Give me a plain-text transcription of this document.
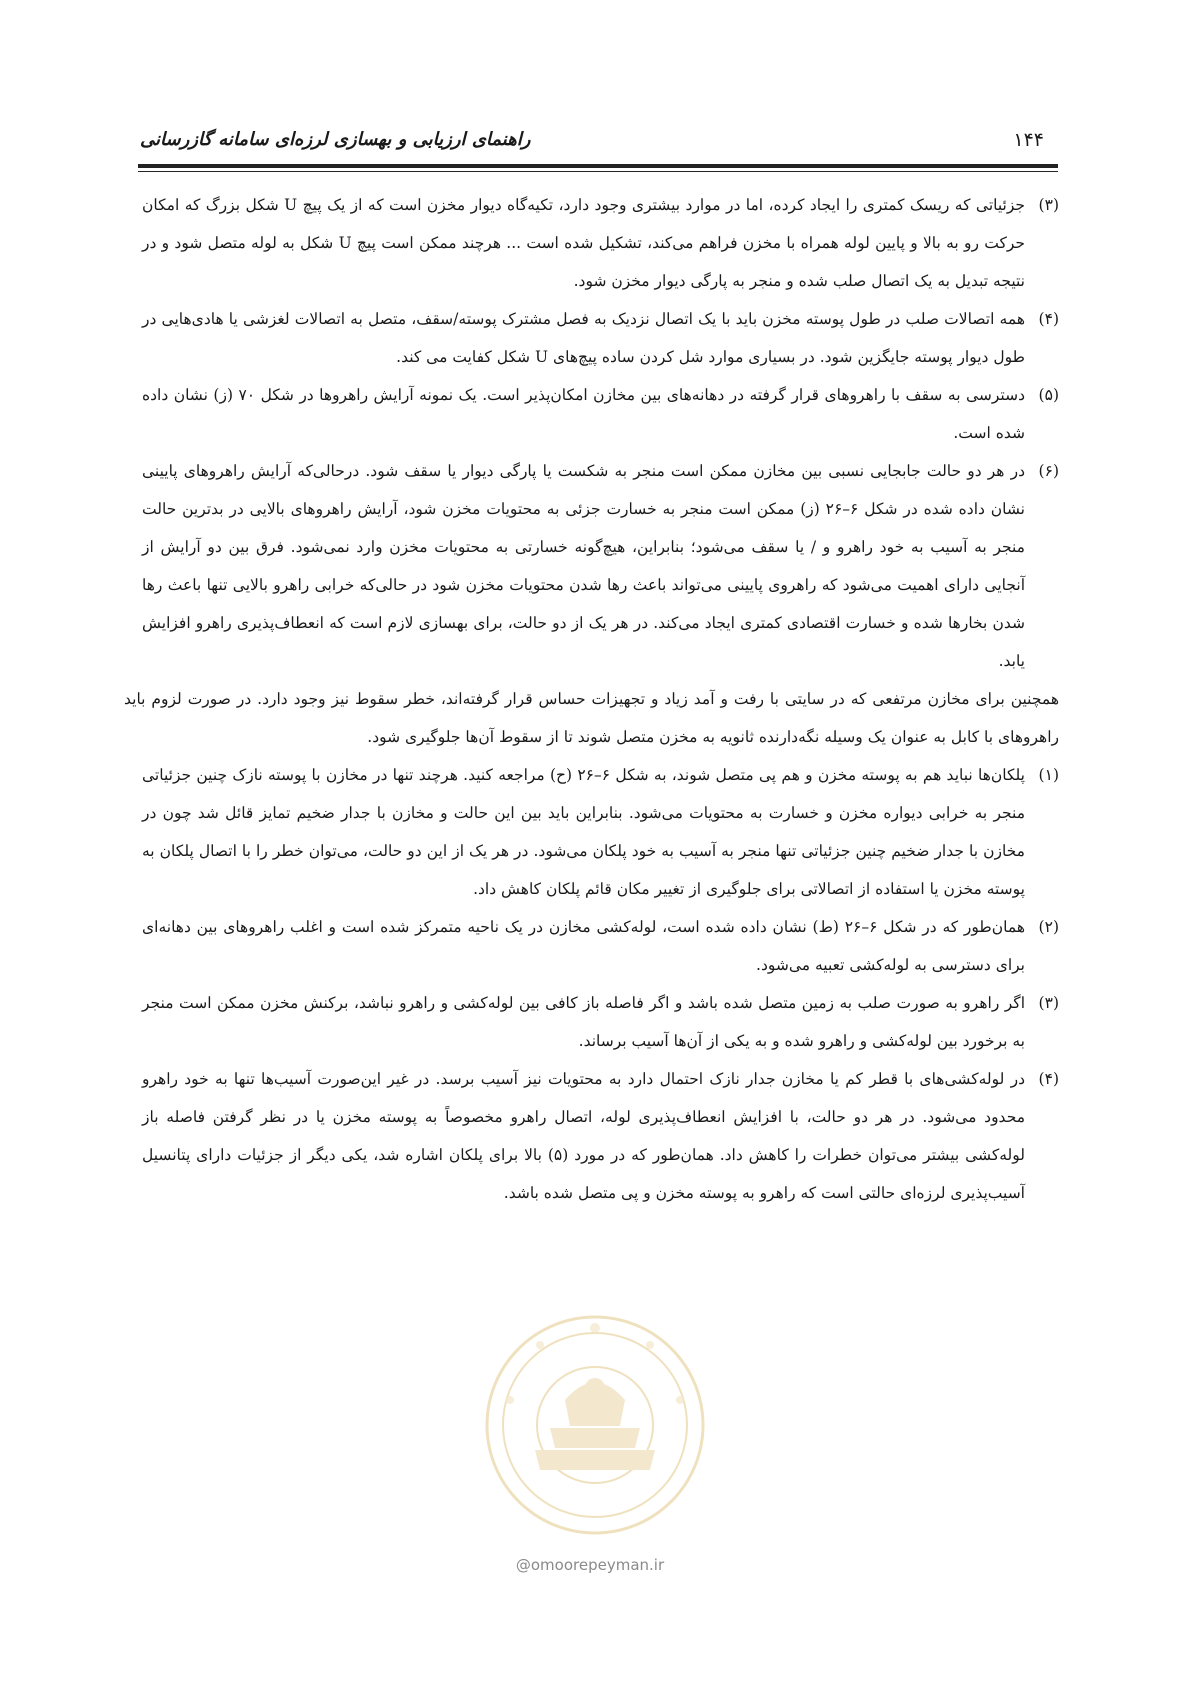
۱۴۴
راهنمای ارزیابی و بهسازی لرزه‌ای سامانه گازرسانی
(۳)
جزئیاتی که ریسک کمتری را ایجاد کرده، اما در موارد بیشتری وجود دارد، تکیه‌گاه دیوار مخزن است که از یک پیچ U شکل بزرگ که امکان حرکت رو به بالا و پایین لوله همراه با مخزن فراهم می‌کند، تشکیل شده است ... هرچند ممکن است پیچ U شکل به لوله متصل شود و در نتیجه تبدیل به یک اتصال صلب شده و منجر به پارگی دیوار مخزن شود.
(۴)
همه اتصالات صلب در طول پوسته مخزن باید با یک اتصال نزدیک به فصل مشترک پوسته/سقف، متصل به اتصالات لغزشی یا هادی‌هایی در طول دیوار پوسته جایگزین شود. در بسیاری موارد شل کردن ساده پیچ‌های U شکل کفایت می کند.
(۵)
دسترسی به سقف با راهروهای قرار گرفته در دهانه‌های بین مخازن امکان‌پذیر است. یک نمونه آرایش راهروها در شکل ۷۰ (ز) نشان داده شده است.
(۶)
در هر دو حالت جابجایی نسبی بین مخازن ممکن است منجر به شکست یا پارگی دیوار یا سقف شود. درحالی‌که آرایش راهروهای پایینی نشان داده شده در شکل ۶–۲۶ (ز) ممکن است منجر به خسارت جزئی به محتویات مخزن شود، آرایش راهروهای بالایی در بدترین حالت منجر به آسیب به خود راهرو و / یا سقف می‌شود؛ بنابراین، هیچ‌گونه خسارتی به محتویات مخزن وارد نمی‌شود. فرق بین دو آرایش از آنجایی دارای اهمیت می‌شود که راهروی پایینی می‌تواند باعث رها شدن محتویات مخزن شود در حالی‌که خرابی راهرو بالایی تنها باعث رها شدن بخارها شده و خسارت اقتصادی کمتری ایجاد می‌کند. در هر یک از دو حالت، برای بهسازی لازم است که انعطاف‌پذیری راهرو افزایش یابد.

همچنین برای مخازن مرتفعی که در سایتی با رفت و آمد زیاد و تجهیزات حساس قرار گرفته‌اند، خطر سقوط نیز وجود دارد. در صورت لزوم باید راهروهای با کابل به عنوان یک وسیله نگه‌دارنده ثانویه به مخزن متصل شوند تا از سقوط آن‌ها جلوگیری شود.

(۱)
پلکان‌ها نباید هم به پوسته مخزن و هم پی متصل شوند، به شکل ۶–۲۶ (ح) مراجعه کنید. هرچند تنها در مخازن با پوسته نازک چنین جزئیاتی منجر به خرابی دیواره مخزن و خسارت به محتویات می‌شود. بنابراین باید بین این حالت و مخازن با جدار ضخیم تمایز قائل شد چون در مخازن با جدار ضخیم چنین جزئیاتی تنها منجر به آسیب به خود پلکان می‌شود. در هر یک از این دو حالت، می‌توان خطر را با اتصال پلکان به پوسته مخزن یا استفاده از اتصالاتی برای جلوگیری از تغییر مکان قائم پلکان کاهش داد.
(۲)
همان‌طور که در شکل ۶–۲۶ (ط) نشان داده شده است، لوله‌کشی مخازن در یک ناحیه متمرکز شده است و اغلب راهروهای بین دهانه‌ای برای دسترسی به لوله‌کشی تعبیه می‌شود.
(۳)
اگر راهرو به صورت صلب به زمین متصل شده باشد و اگر فاصله باز کافی بین لوله‌کشی و راهرو نباشد، برکنش مخزن ممکن است منجر به برخورد بین لوله‌کشی و راهرو شده و به یکی از آن‌ها آسیب برساند.
(۴)
در لوله‌کشی‌های با قطر کم یا مخازن جدار نازک احتمال دارد به محتویات نیز آسیب برسد. در غیر این‌صورت آسیب‌ها تنها به خود راهرو محدود می‌شود. در هر دو حالت، با افزایش انعطاف‌پذیری لوله، اتصال راهرو مخصوصاً به پوسته مخزن یا در نظر گرفتن فاصله باز لوله‌کشی بیشتر می‌توان خطرات را کاهش داد. همان‌طور که در مورد (۵) بالا برای پلکان اشاره شد، یکی دیگر از جزئیات دارای پتانسیل آسیب‌پذیری لرزه‌ای حالتی است که راهرو به پوسته مخزن و پی متصل شده باشد.
@omoorepeyman.ir
